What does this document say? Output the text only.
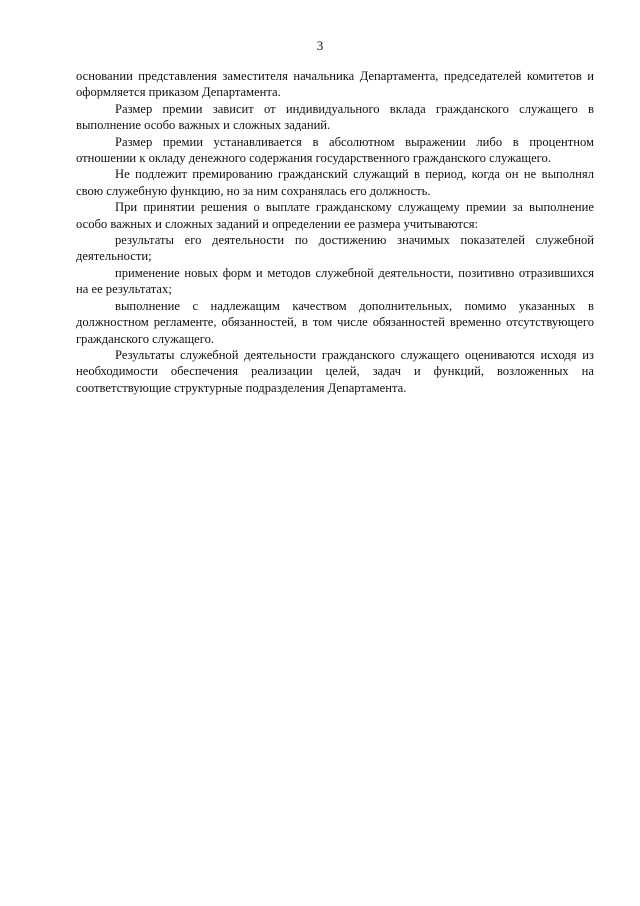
3

основании представления заместителя начальника Департамента, председателей комитетов и оформляется приказом Департамента.

Размер премии зависит от индивидуального вклада гражданского служащего в выполнение особо важных и сложных заданий.

Размер премии устанавливается в абсолютном выражении либо в процентном отношении к окладу денежного содержания государственного гражданского служащего.

Не подлежит премированию гражданский служащий в период, когда он не выполнял свою служебную функцию, но за ним сохранялась его должность.

При принятии решения о выплате гражданскому служащему премии за выполнение особо важных и сложных заданий и определении ее размера учитываются:

результаты его деятельности по достижению значимых показателей служебной деятельности;

применение новых форм и методов служебной деятельности, позитивно отразившихся на ее результатах;

выполнение с надлежащим качеством дополнительных, помимо указанных в должностном регламенте, обязанностей, в том числе обязанностей временно отсутствующего гражданского служащего.

Результаты служебной деятельности гражданского служащего оцениваются исходя из необходимости обеспечения реализации целей, задач и функций, возложенных на соответствующие структурные подразделения Департамента.
